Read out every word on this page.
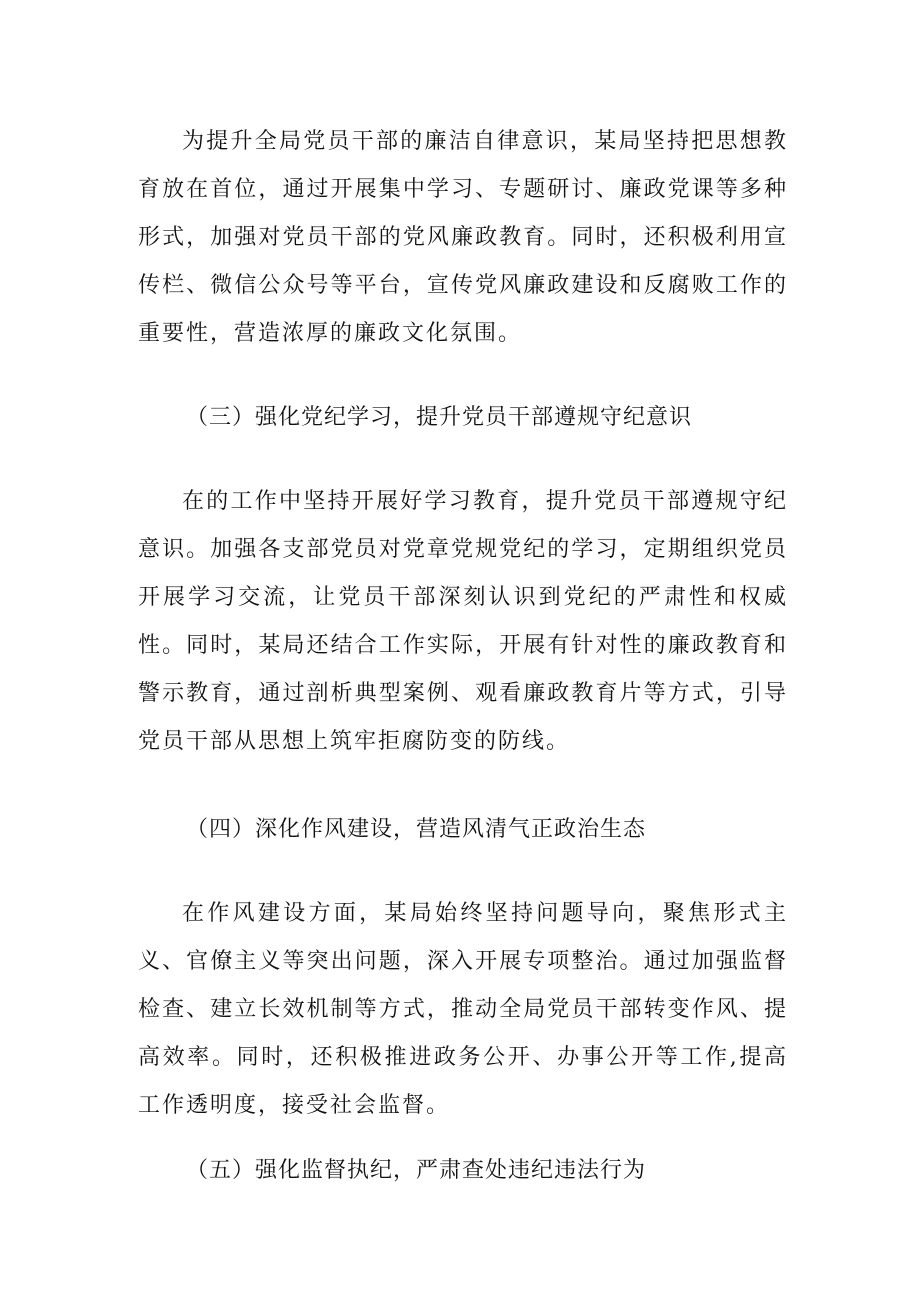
为提升全局党员干部的廉洁自律意识，某局坚持把思想教育放在首位，通过开展集中学习、专题研讨、廉政党课等多种形式，加强对党员干部的党风廉政教育。同时，还积极利用宣传栏、微信公众号等平台，宣传党风廉政建设和反腐败工作的重要性，营造浓厚的廉政文化氛围。

（三）强化党纪学习，提升党员干部遵规守纪意识

在的工作中坚持开展好学习教育，提升党员干部遵规守纪意识。加强各支部党员对党章党规党纪的学习，定期组织党员开展学习交流，让党员干部深刻认识到党纪的严肃性和权威性。同时，某局还结合工作实际，开展有针对性的廉政教育和警示教育，通过剖析典型案例、观看廉政教育片等方式，引导党员干部从思想上筑牢拒腐防变的防线。

（四）深化作风建设，营造风清气正政治生态

在作风建设方面，某局始终坚持问题导向，聚焦形式主义、官僚主义等突出问题，深入开展专项整治。通过加强监督检查、建立长效机制等方式，推动全局党员干部转变作风、提高效率。同时，还积极推进政务公开、办事公开等工作,提高工作透明度，接受社会监督。

（五）强化监督执纪，严肃查处违纪违法行为
